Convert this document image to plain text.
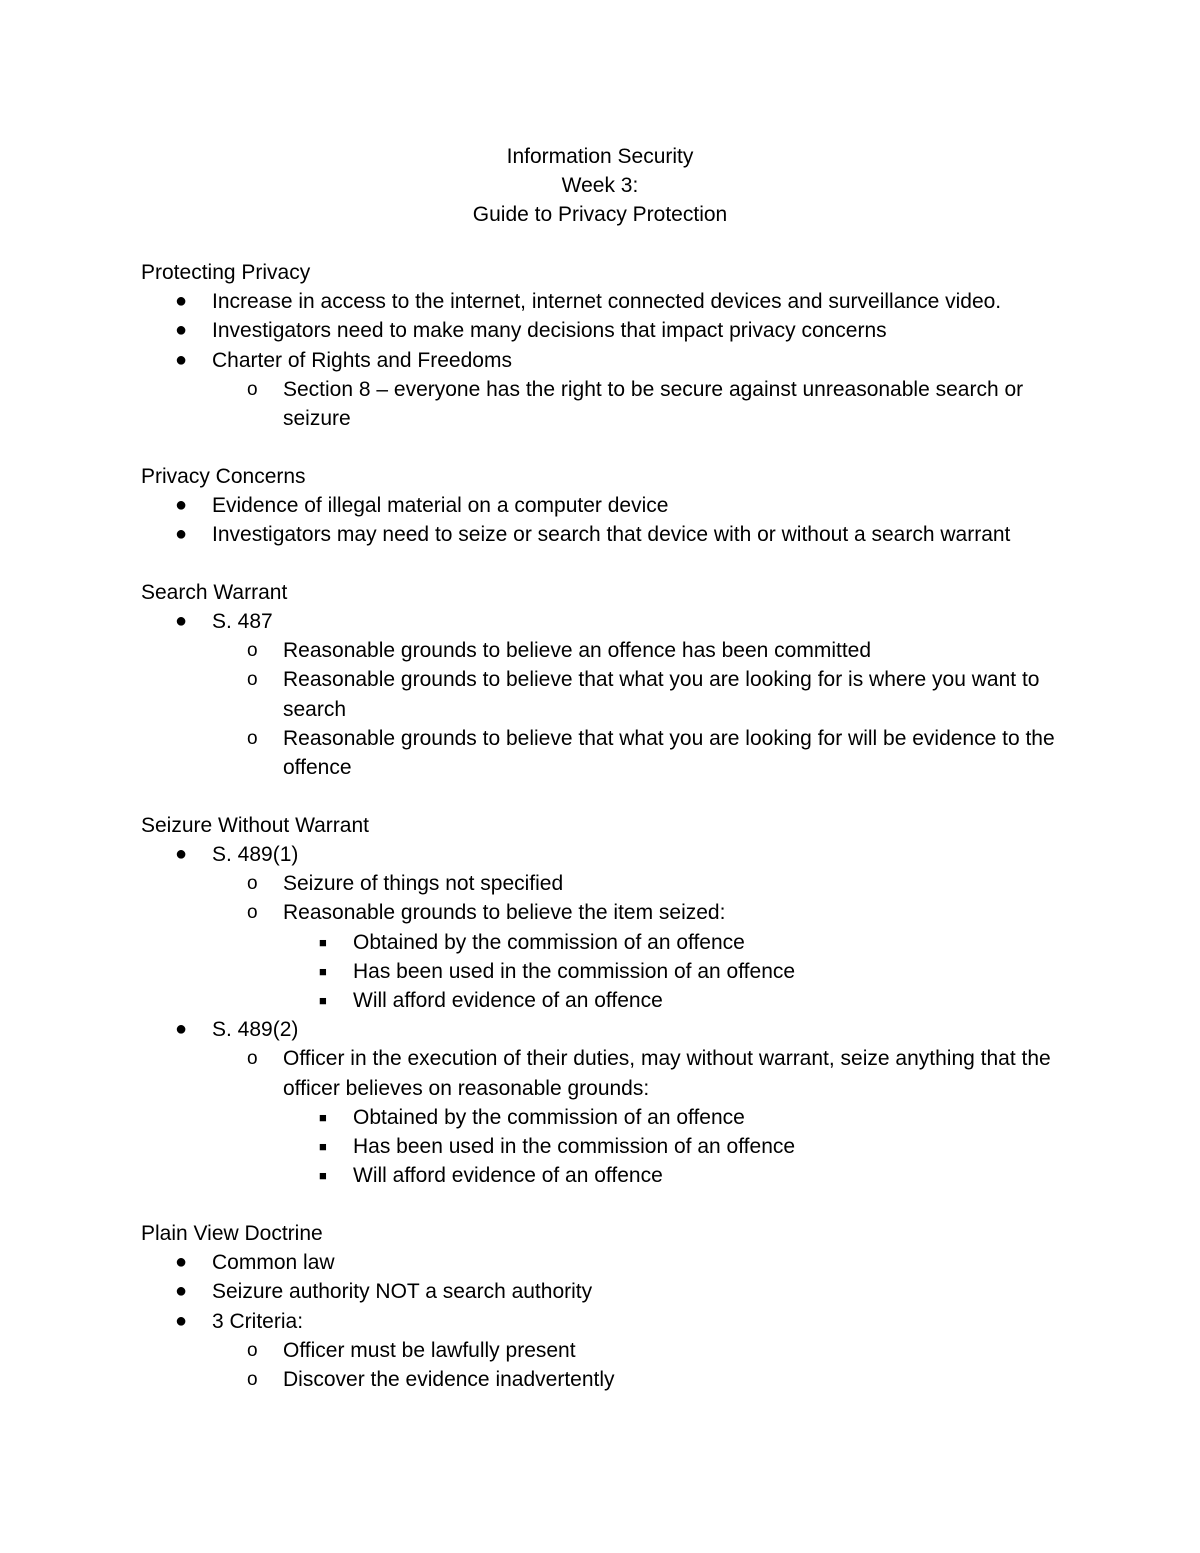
Information Security
Week 3:
Guide to Privacy Protection
Protecting Privacy
● Increase in access to the internet, internet connected devices and surveillance video.
● Investigators need to make many decisions that impact privacy concerns
● Charter of Rights and Freedoms
o Section 8 – everyone has the right to be secure against unreasonable search or seizure
Privacy Concerns
● Evidence of illegal material on a computer device
● Investigators may need to seize or search that device with or without a search warrant
Search Warrant
● S. 487
o Reasonable grounds to believe an offence has been committed
o Reasonable grounds to believe that what you are looking for is where you want to search
o Reasonable grounds to believe that what you are looking for will be evidence to the offence
Seizure Without Warrant
● S. 489(1)
o Seizure of things not specified
o Reasonable grounds to believe the item seized:
■ Obtained by the commission of an offence
■ Has been used in the commission of an offence
■ Will afford evidence of an offence
● S. 489(2)
o Officer in the execution of their duties, may without warrant, seize anything that the officer believes on reasonable grounds:
■ Obtained by the commission of an offence
■ Has been used in the commission of an offence
■ Will afford evidence of an offence
Plain View Doctrine
● Common law
● Seizure authority NOT a search authority
● 3 Criteria:
o Officer must be lawfully present
o Discover the evidence inadvertently
